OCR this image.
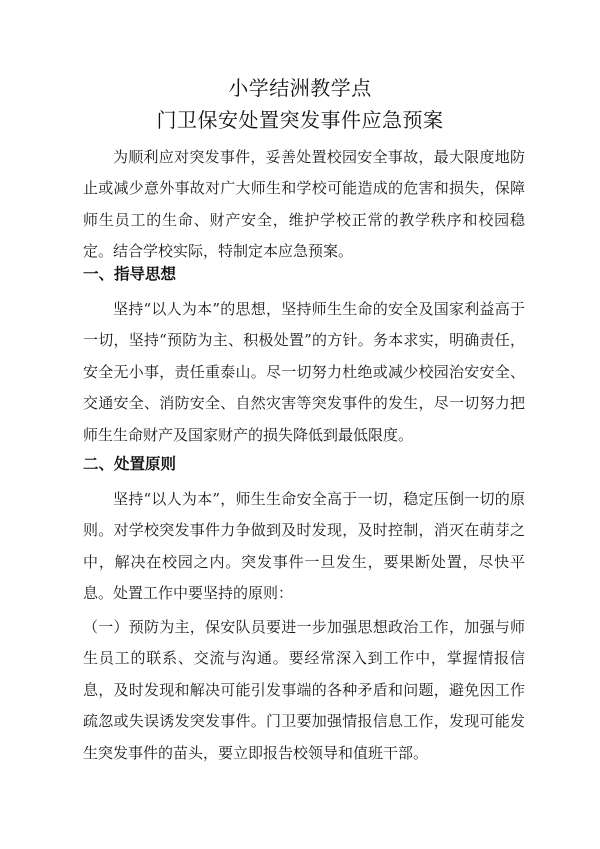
小学结洲教学点
门卫保安处置突发事件应急预案

为顺利应对突发事件，妥善处置校园安全事故，最大限度地防止或减少意外事故对广大师生和学校可能造成的危害和损失，保障师生员工的生命、财产安全，维护学校正常的教学秩序和校园稳定。结合学校实际，特制定本应急预案。

一、指导思想

坚持“以人为本”的思想，坚持师生生命的安全及国家利益高于一切，坚持“预防为主、积极处置”的方针。务本求实，明确责任，安全无小事，责任重泰山。尽一切努力杜绝或减少校园治安安全、交通安全、消防安全、自然灾害等突发事件的发生，尽一切努力把师生生命财产及国家财产的损失降低到最低限度。

二、处置原则

坚持“以人为本”，师生生命安全高于一切，稳定压倒一切的原则。对学校突发事件力争做到及时发现，及时控制，消灭在萌芽之中，解决在校园之内。突发事件一旦发生，要果断处置，尽快平息。处置工作中要坚持的原则：

（一）预防为主，保安队员要进一步加强思想政治工作，加强与师生员工的联系、交流与沟通。要经常深入到工作中，掌握情报信息，及时发现和解决可能引发事端的各种矛盾和问题，避免因工作疏忽或失误诱发突发事件。门卫要加强情报信息工作，发现可能发生突发事件的苗头，要立即报告校领导和值班干部。
